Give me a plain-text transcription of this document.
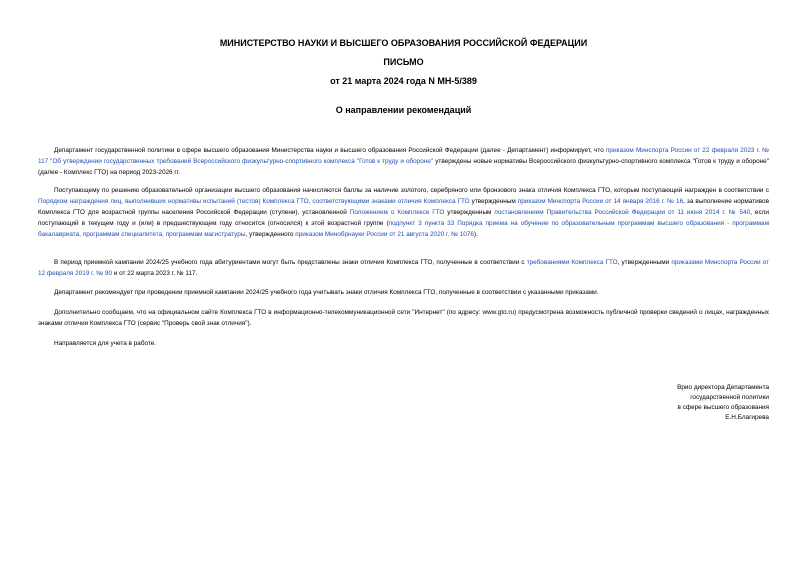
МИНИСТЕРСТВО НАУКИ И ВЫСШЕГО ОБРАЗОВАНИЯ РОССИЙСКОЙ ФЕДЕРАЦИИ
ПИСЬМО
от 21 марта 2024 года N МН-5/389
О направлении рекомендаций
Департамент государственной политики в сфере высшего образования Министерства науки и высшего образования Российской Федерации (далее - Департамент) информирует, что приказом Минспорта России от 22 февраля 2023 г. № 117 "Об утверждении государственных требований Всероссийского физкультурно-спортивного комплекса "Готов к труду и обороне" утверждены новые нормативы Всероссийского физкультурно-спортивного комплекса "Готов к труду и обороне" (далее - Комплекс ГТО) на период 2023-2026 гг.
Поступающему по решению образовательной организации высшего образования начисляются баллы за наличие золотого, серебряного или бронзового знака отличия Комплекса ГТО, которым поступающий награжден в соответствии с Порядком награждения лиц, выполнивших нормативы испытаний (тестов) Комплекса ГТО, соответствующими знаками отличия Комплекса ГТО утвержденным приказом Минспорта России от 14 января 2016 г. № 16, за выполнение нормативов Комплекса ГТО для возрастной группы населения Российской Федерации (ступени), установленной Положением о Комплексе ГТО утвержденным постановлением Правительства Российской Федерации от 11 июня 2014 г. № 540, если поступающий в текущем году и (или) в предшествующем году относится (относился) к этой возрастной группе (подпункт 3 пункта 33 Порядка приема на обучение по образовательным программам высшего образования - программам бакалавриата, программам специалитета, программам магистратуры, утвержденного приказом Минобрнауки России от 21 августа 2020 г. № 1076).
В период приемной кампании 2024/25 учебного года абитуриентами могут быть представлены знаки отличия Комплекса ГТО, полученные в соответствии с требованиями Комплекса ГТО, утвержденными приказами Минспорта России от 12 февраля 2019 г. № 90 и от 22 марта 2023 г. № 117.
Департамент рекомендует при проведении приемной кампании 2024/25 учебного года учитывать знаки отличия Комплекса ГТО, полученные в соответствии с указанными приказами.
Дополнительно сообщаем, что на официальном сайте Комплекса ГТО в информационно-телекоммуникационной сети "Интернет" (по адресу: www.gto.ru) предусмотрена возможность публичной проверки сведений о лицах, награжденных знаками отличия Комплекса ГТО (сервис "Проверь свой знак отличия").
Направляется для учета в работе.
Врио директора Департамента
государственной политики
в сфере высшего образования
Е.Н.Благирева
